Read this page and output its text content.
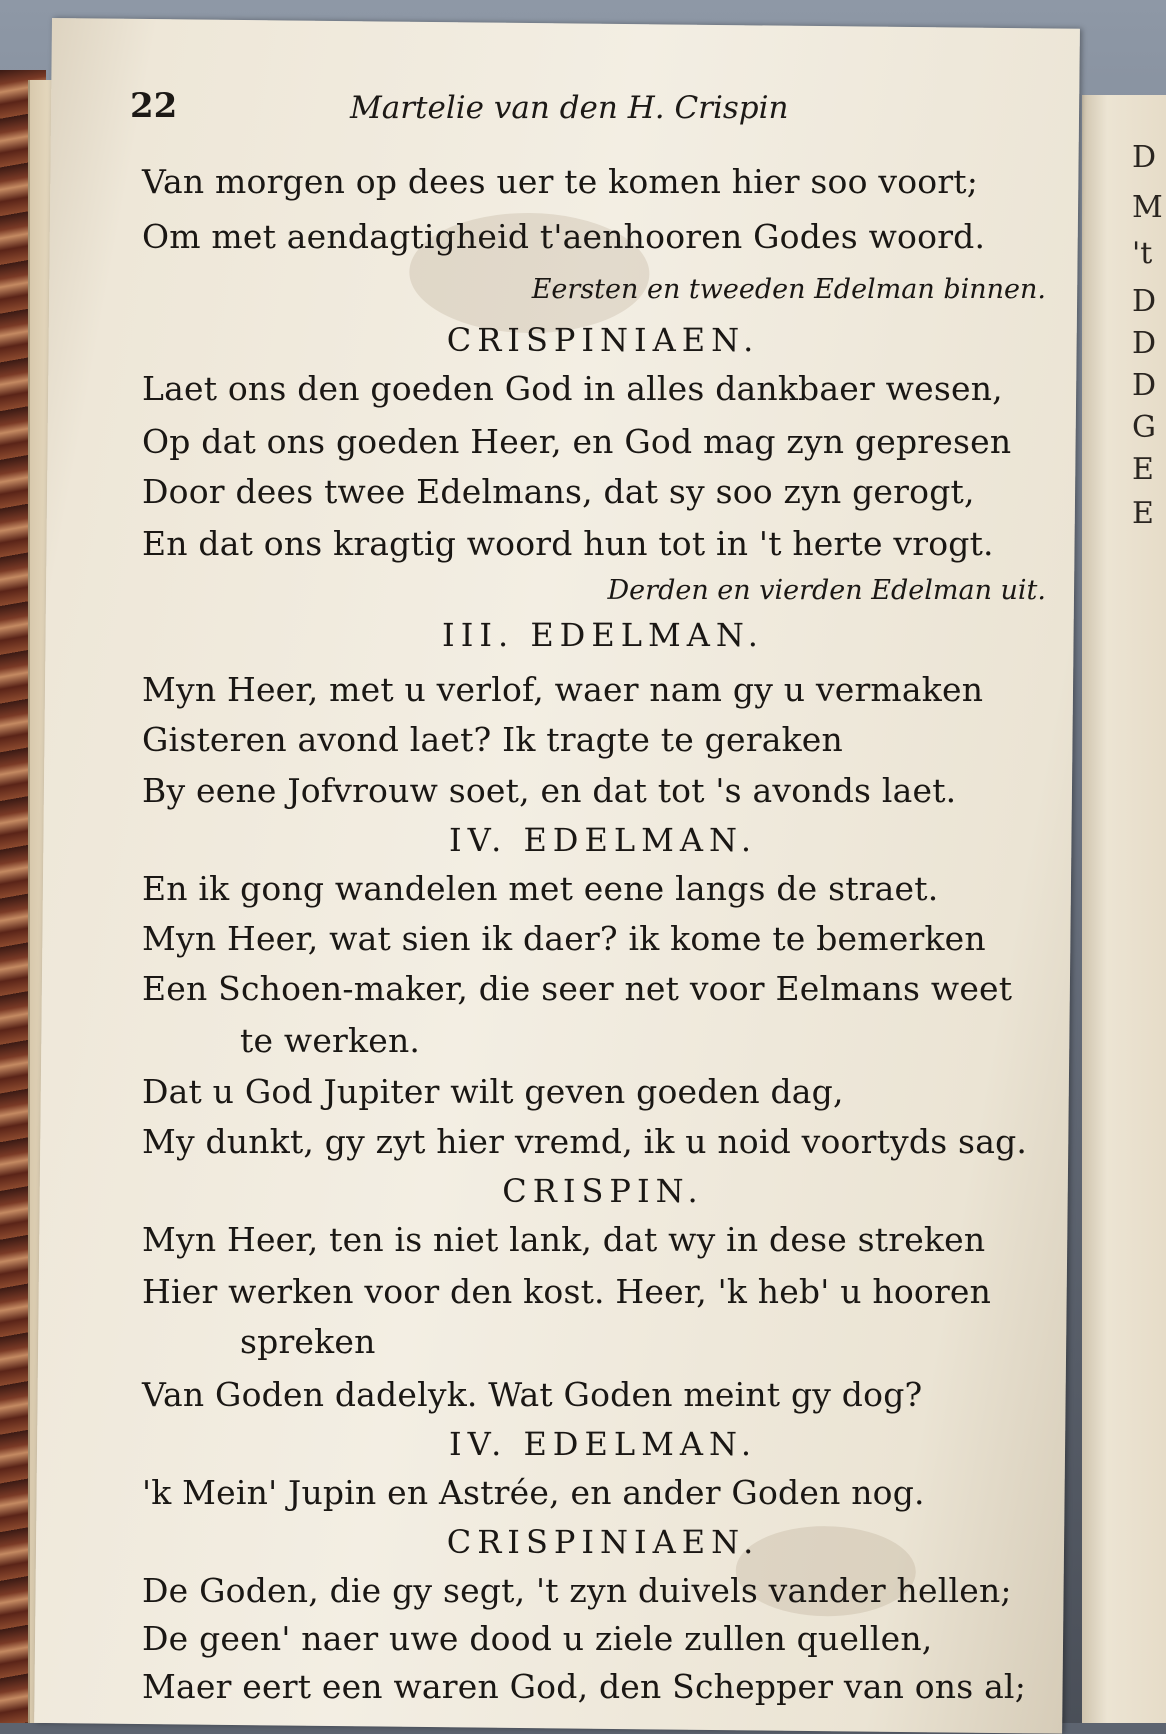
D
M
't
D
D
D
G
E
E
22	Martelie van den H. Crispin
Van morgen op dees uer te komen hier soo voort;
Om met aendagtigheid t'aenhooren Godes woord.
Eersten en tweeden Edelman binnen.
CRISPINIAEN.
Laet ons den goeden God in alles dankbaer wesen,
Op dat ons goeden Heer, en God mag zyn gepresen
Door dees twee Edelmans, dat sy soo zyn gerogt,
En dat ons kragtig woord hun tot in 't herte vrogt.
Derden en vierden Edelman uit.
III. EDELMAN.
Myn Heer, met u verlof, waer nam gy u vermaken
Gisteren avond laet? Ik tragte te geraken
By eene Jofvrouw soet, en dat tot 's avonds laet.
IV. EDELMAN.
En ik gong wandelen met eene langs de straet.
Myn Heer, wat sien ik daer? ik kome te bemerken
Een Schoen-maker, die seer net voor Eelmans weet
te werken.
Dat u God Jupiter wilt geven goeden dag,
My dunkt, gy zyt hier vremd, ik u noid voortyds sag.
CRISPIN.
Myn Heer, ten is niet lank, dat wy in dese streken
Hier werken voor den kost. Heer, 'k heb' u hooren
spreken
Van Goden dadelyk. Wat Goden meint gy dog?
IV. EDELMAN.
'k Mein' Jupin en Astrée, en ander Goden nog.
CRISPINIAEN.
De Goden, die gy segt, 't zyn duivels vander hellen;
De geen' naer uwe dood u ziele zullen quellen,
Maer eert een waren God, den Schepper van ons al;
